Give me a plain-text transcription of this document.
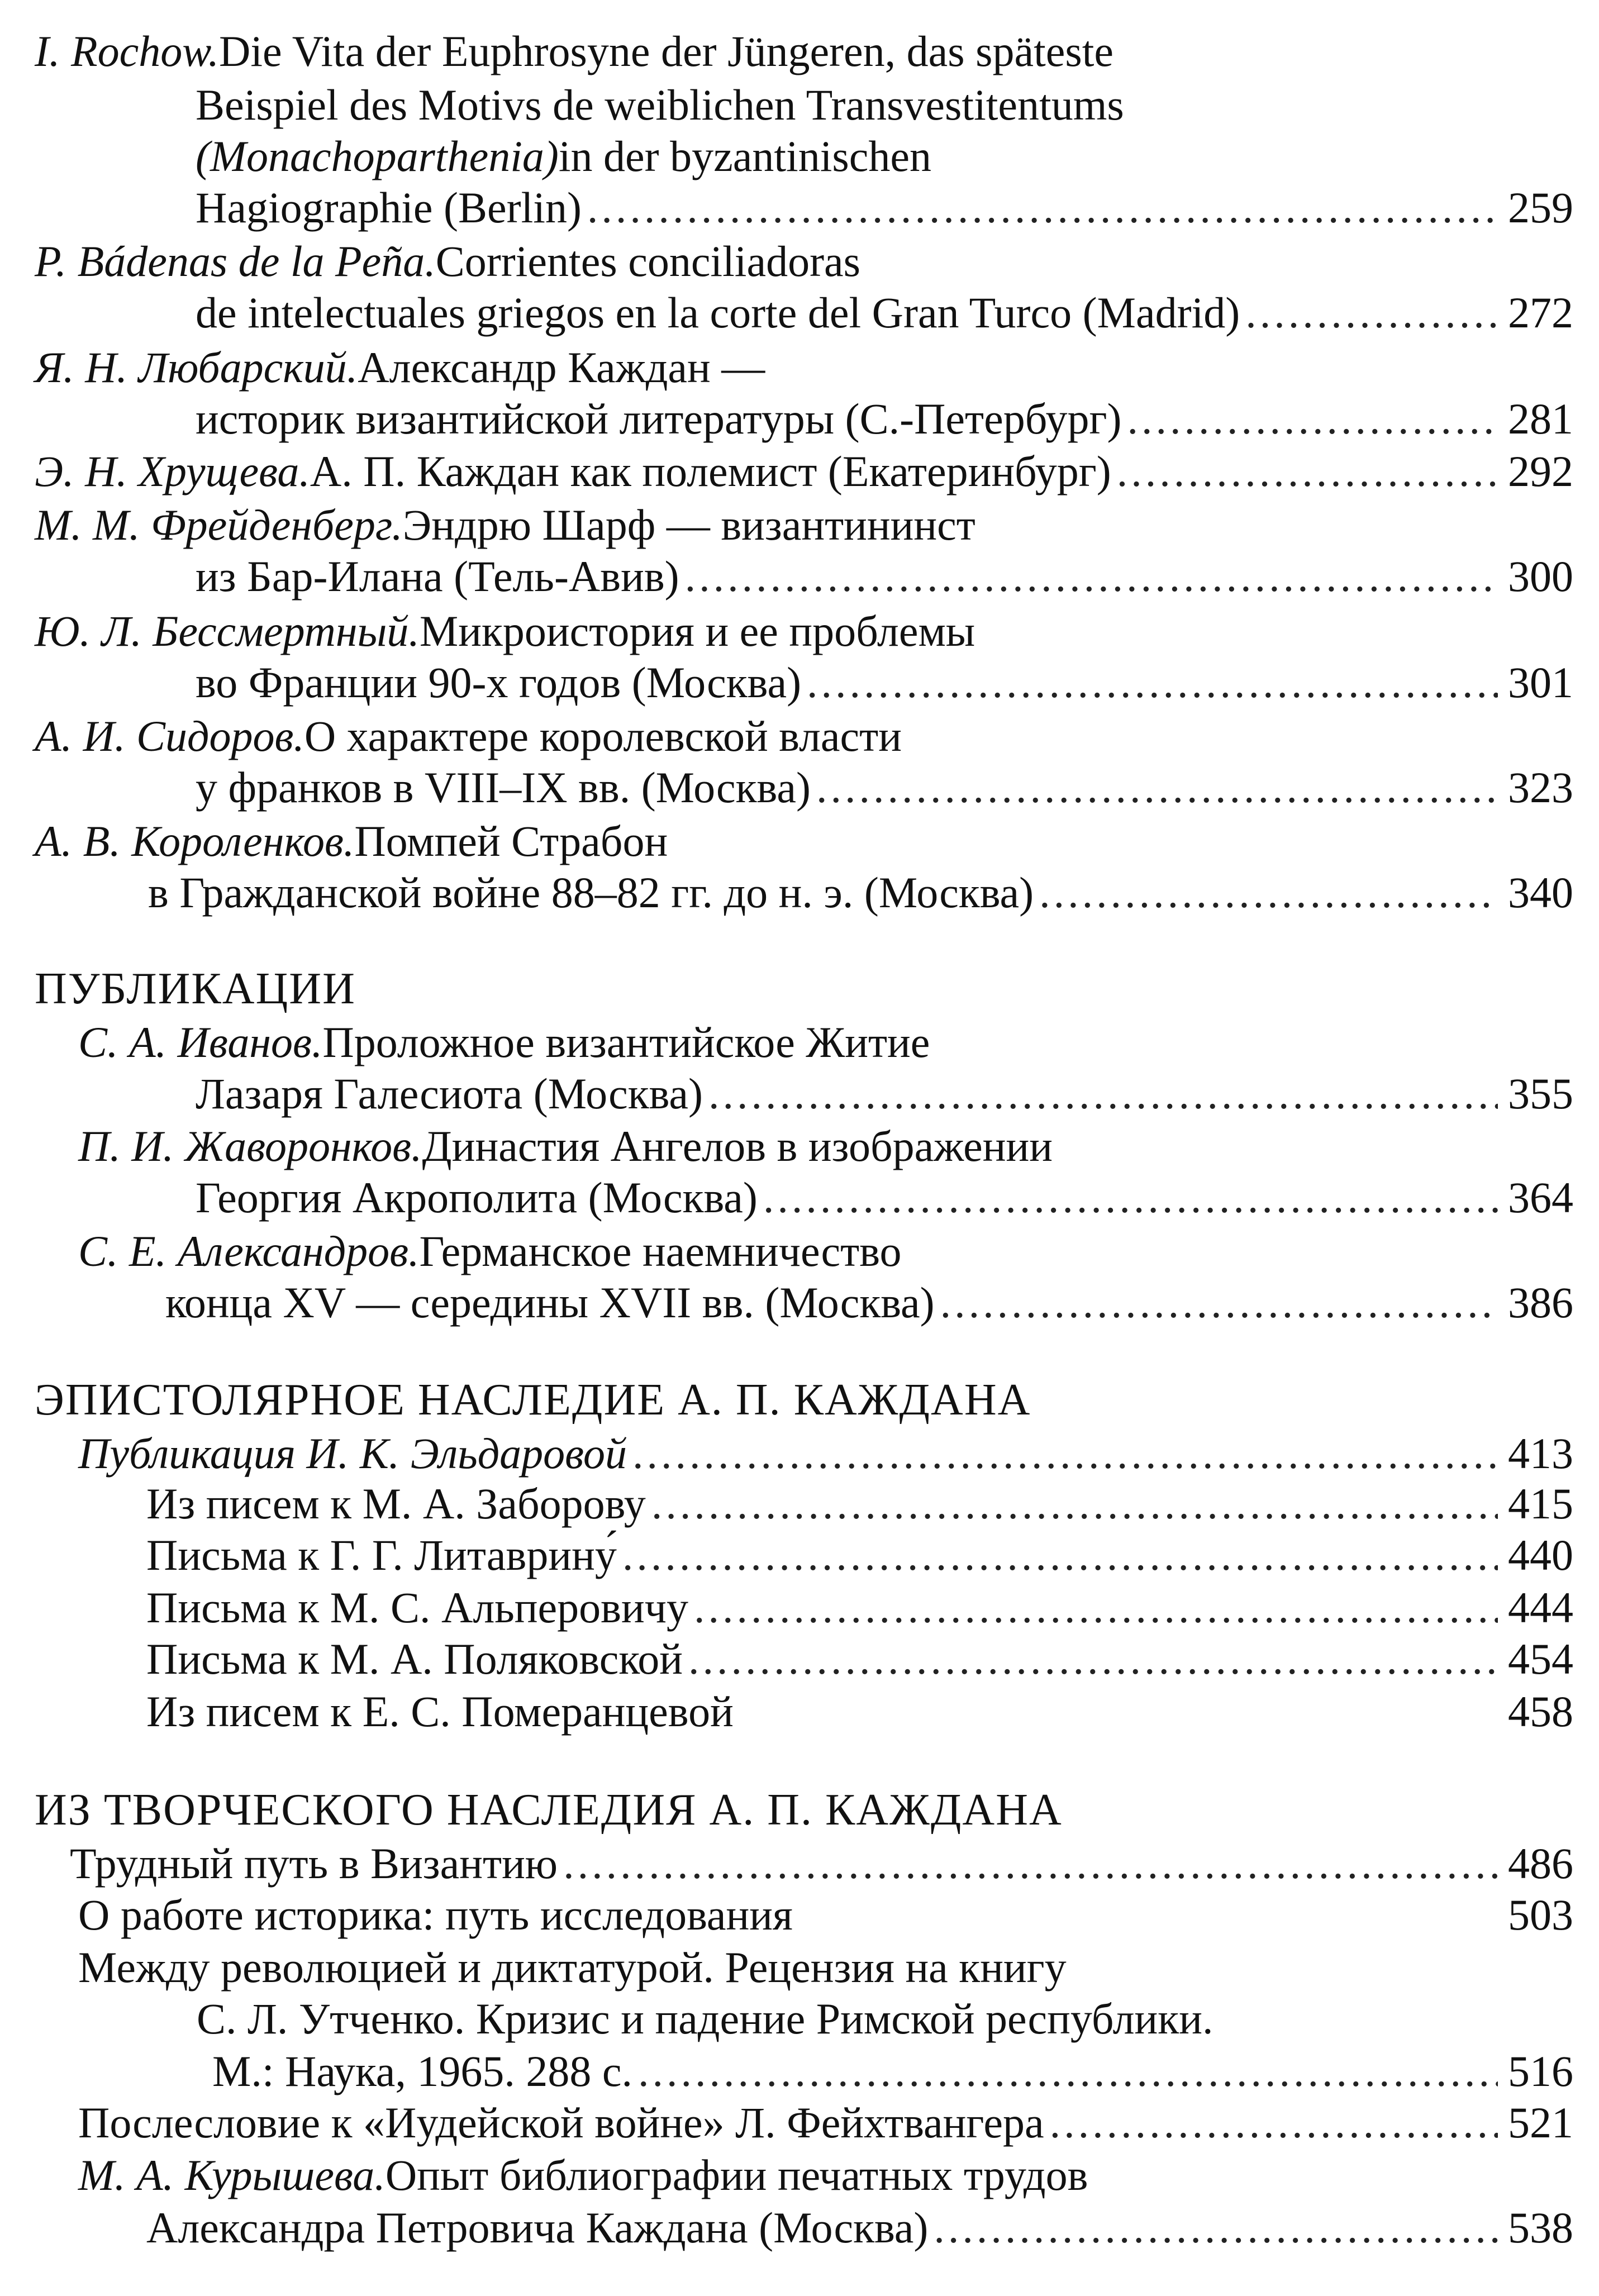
I. Rochow. Die Vita der Euphrosyne der Jüngeren, das späteste
Beispiel des Motivs de weiblichen Transvestitentums
(Monachoparthenia) in der byzantinischen
Hagiographie (Berlin) .....	259
P. Bádenas de la Peña. Corrientes conciliadoras
de intelectuales griegos en la corte del Gran Turco (Madrid) .....	272
Я. Н. Любарский. Александр Каждан —
историк византийской литературы (С.-Петербург) .....	281
Э. Н. Хрущева. А. П. Каждан как полемист (Екатеринбург) .....	292
М. М. Фрейденберг. Эндрю Шарф — византининст
из Бар-Илана (Тель-Авив) .....	300
Ю. Л. Бессмертный. Микроистория и ее проблемы
во Франции 90-х годов (Москва) .....	301
А. И. Сидоров. О характере королевской власти
у франков в VIII–IX вв. (Москва) .....	323
А. В. Короленков. Помпей Страбон
в Гражданской войне 88–82 гг. до н. э. (Москва) .....	340
ПУБЛИКАЦИИ
С. А. Иванов. Проложное византийское Житие
Лазаря Галесиота (Москва) .....	355
П. И. Жаворонков. Династия Ангелов в изображении
Георгия Акрополита (Москва) .....	364
С. Е. Александров. Германское наемничество
конца XV — середины XVII вв. (Москва) .....	386
ЭПИСТОЛЯРНОЕ НАСЛЕДИЕ А. П. КАЖДАНА
Публикация И. К. Эльдаровой .....	413
Из писем к М. А. Заборову .....	415
Письма к Г. Г. Литаврину́ .....	440
Письма к М. С. Альперовичу .....	444
Письма к М. А. Поляковской .....	454
Из писем к Е. С. Померанцевой	458
ИЗ ТВОРЧЕСКОГО НАСЛЕДИЯ А. П. КАЖДАНА
Трудный путь в Византию .....	486
О работе историка: путь исследования	503
Между революцией и диктатурой. Рецензия на книгу
С. Л. Утченко. Кризис и падение Римской республики.
М.: Наука, 1965. 288 с. .....	516
Послесловие к «Иудейской войне» Л. Фейхтвангера .....	521
М. А. Курышева. Опыт библиографии печатных трудов
Александра Петровича Каждана (Москва) .....	538
